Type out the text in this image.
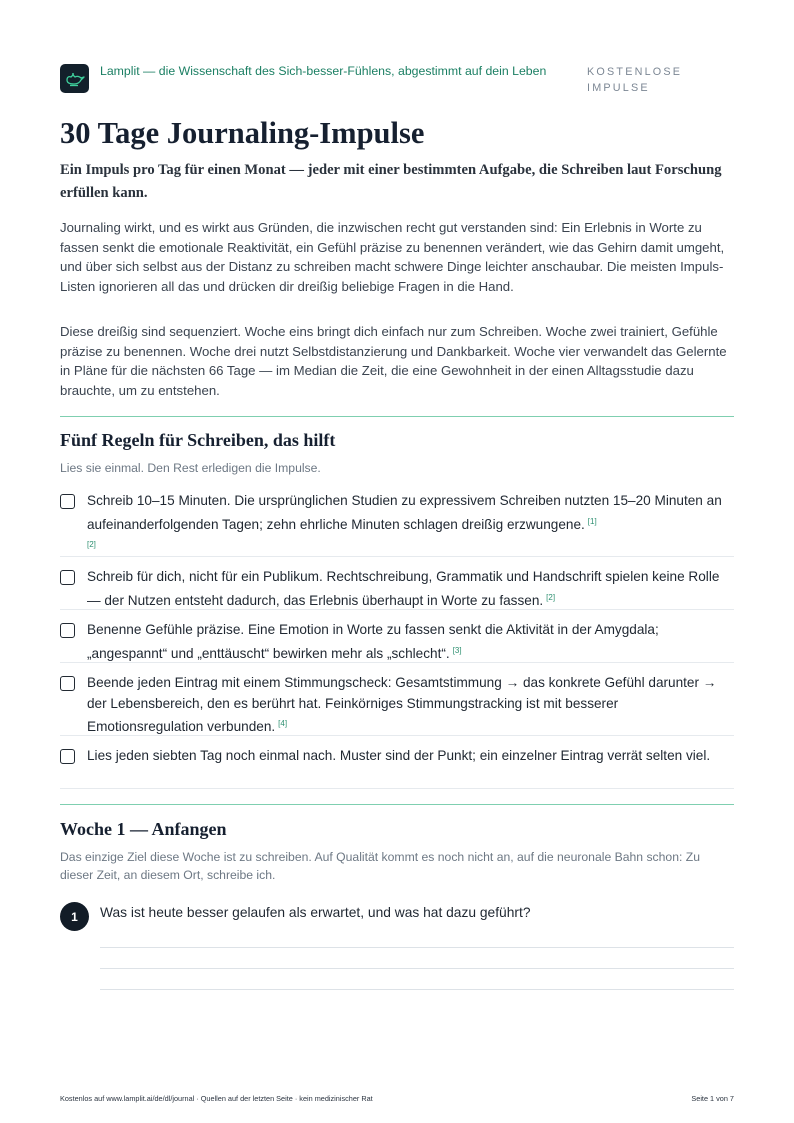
Lamplit — die Wissenschaft des Sich-besser-Fühlens, abgestimmt auf dein Leben	KOSTENLOSE
IMPULSE
30 Tage Journaling-Impulse

Ein Impuls pro Tag für einen Monat — jeder mit einer bestimmten Aufgabe, die Schreiben laut Forschung erfüllen kann.

Journaling wirkt, und es wirkt aus Gründen, die inzwischen recht gut verstanden sind: Ein Erlebnis in Worte zu fassen senkt die emotionale Reaktivität, ein Gefühl präzise zu benennen verändert, wie das Gehirn damit umgeht, und über sich selbst aus der Distanz zu schreiben macht schwere Dinge leichter anschaubar. Die meisten Impuls-Listen ignorieren all das und drücken dir dreißig beliebige Fragen in die Hand.

Diese dreißig sind sequenziert. Woche eins bringt dich einfach nur zum Schreiben. Woche zwei trainiert, Gefühle präzise zu benennen. Woche drei nutzt Selbstdistanzierung und Dankbarkeit. Woche vier verwandelt das Gelernte in Pläne für die nächsten 66 Tage — im Median die Zeit, die eine Gewohnheit in der einen Alltagsstudie dazu brauchte, um zu entstehen.

Fünf Regeln für Schreiben, das hilft

Lies sie einmal. Den Rest erledigen die Impulse.

Schreib 10–15 Minuten. Die ursprünglichen Studien zu expressivem Schreiben nutzten 15–20 Minuten an aufeinanderfolgenden Tagen; zehn ehrliche Minuten schlagen dreißig erzwungene. [1]
[2]
Schreib für dich, nicht für ein Publikum. Rechtschreibung, Grammatik und Handschrift spielen keine Rolle — der Nutzen entsteht dadurch, das Erlebnis überhaupt in Worte zu fassen. [2]
Benenne Gefühle präzise. Eine Emotion in Worte zu fassen senkt die Aktivität in der Amygdala; „angespannt“ und „enttäuscht“ bewirken mehr als „schlecht“. [3]
Beende jeden Eintrag mit einem Stimmungscheck: Gesamtstimmung → das konkrete Gefühl darunter → der Lebensbereich, den es berührt hat. Feinkörniges Stimmungstracking ist mit besserer Emotionsregulation verbunden. [4]
Lies jeden siebten Tag noch einmal nach. Muster sind der Punkt; ein einzelner Eintrag verrät selten viel.
Woche 1 — Anfangen

Das einzige Ziel diese Woche ist zu schreiben. Auf Qualität kommt es noch nicht an, auf die neuronale Bahn schon: Zu dieser Zeit, an diesem Ort, schreibe ich.

1	Was ist heute besser gelaufen als erwartet, und was hat dazu geführt?
Kostenlos auf www.lamplit.ai/de/dl/journal · Quellen auf der letzten Seite · kein medizinischer Rat	Seite 1 von 7
